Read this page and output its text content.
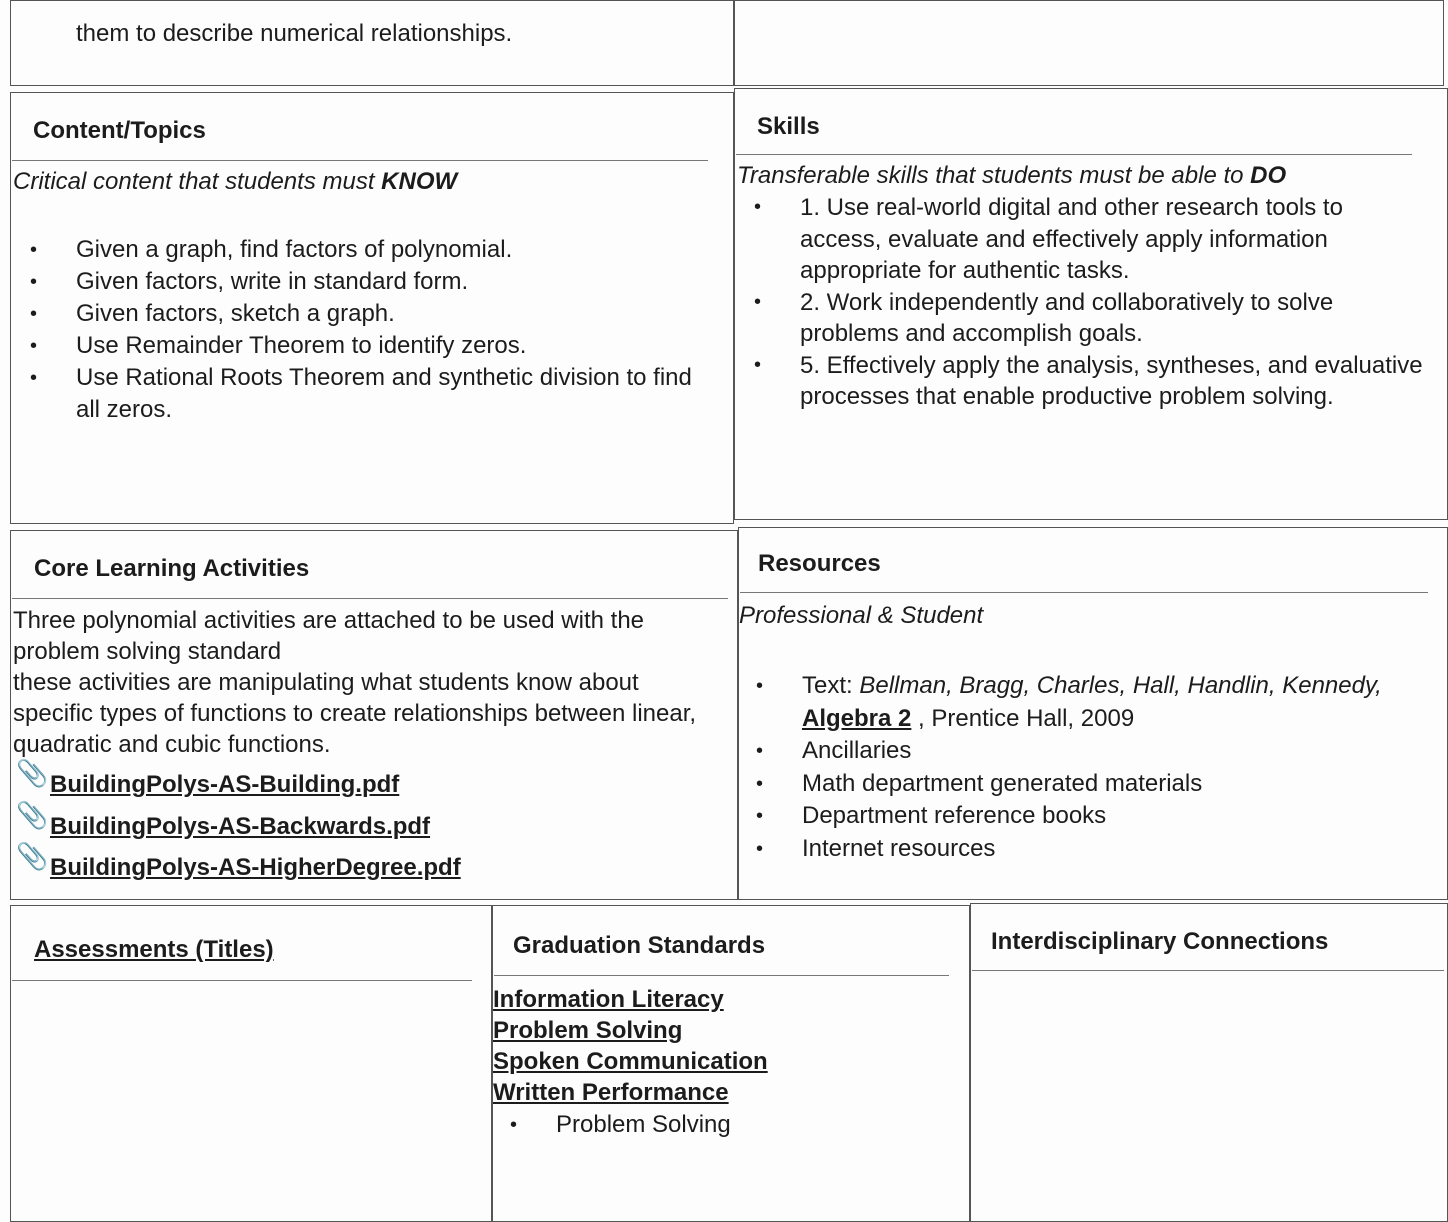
them to describe numerical relationships.
Content/Topics
Critical content that students must KNOW
• Given a graph, find factors of polynomial.
• Given factors, write in standard form.
• Given factors, sketch a graph.
• Use Remainder Theorem to identify zeros.
• Use Rational Roots Theorem and synthetic division to find all zeros.
Skills
Transferable skills that students must be able to DO
• 1. Use real-world digital and other research tools to access, evaluate and effectively apply information appropriate for authentic tasks.
• 2. Work independently and collaboratively to solve problems and accomplish goals.
• 5. Effectively apply the analysis, syntheses, and evaluative processes that enable productive problem solving.
Core Learning Activities
Three polynomial activities are attached to be used with the problem solving standard
these activities are manipulating what students know about specific types of functions to create relationships between linear, quadratic and cubic functions.
📎 BuildingPolys-AS-Building.pdf
📎 BuildingPolys-AS-Backwards.pdf
📎 BuildingPolys-AS-HigherDegree.pdf
Resources
Professional & Student
• Text: Bellman, Bragg, Charles, Hall, Handlin, Kennedy, Algebra 2 , Prentice Hall, 2009
• Ancillaries
• Math department generated materials
• Department reference books
• Internet resources
Assessments (Titles)	Graduation Standards
Information Literacy
Problem Solving
Spoken Communication
Written Performance
• Problem Solving
Interdisciplinary Connections
